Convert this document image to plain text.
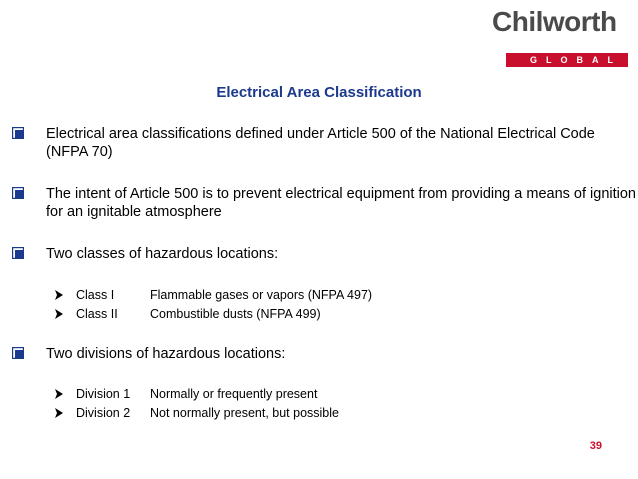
Chilworth
GLOBAL
Electrical Area Classification
Electrical area classifications defined under Article 500 of the National Electrical Code (NFPA 70)
The intent of Article 500 is to prevent electrical equipment from providing a means of ignition for an ignitable atmosphere
Two classes of hazardous locations:
Class I	Flammable gases or vapors (NFPA 497)
Class II	Combustible dusts (NFPA 499)
Two divisions of hazardous locations:
Division 1 Normally or frequently present
Division 2 Not normally present, but possible
39
